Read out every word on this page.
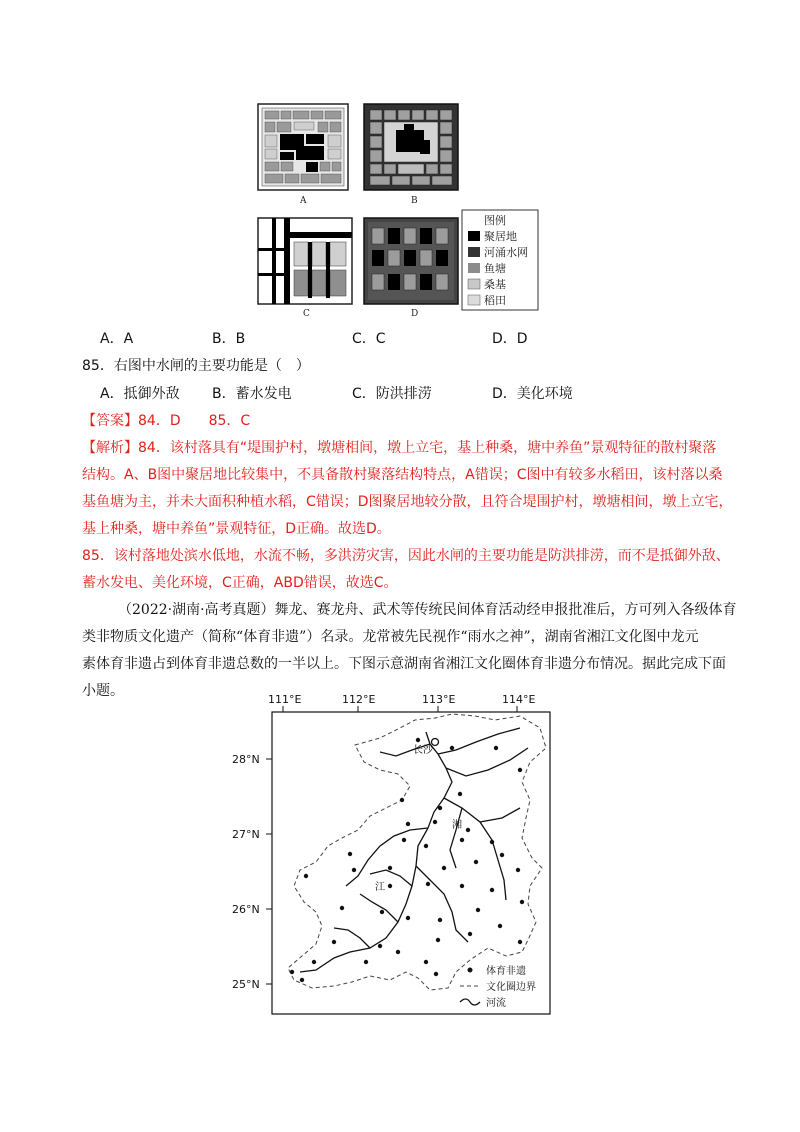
图例
聚居地
河涌水网
鱼塘
桑基
稻田
A	B
C	D
A．A	B．B	C．C	D．D
85．右图中水闸的主要功能是（　）
A．抵御外敌 B．蓄水发电	C．防洪排涝	D．美化环境
【答案】84．D　　85．C
【解析】84．该村落具有“堤围护村，墩塘相间，墩上立宅，基上种桑，塘中养鱼”景观特征的散村聚落
结构。A、B图中聚居地比较集中，不具备散村聚落结构特点，A错误；C图中有较多水稻田，该村落以桑
基鱼塘为主，并未大面积种植水稻，C错误；D图聚居地较分散，且符合堤围护村，墩塘相间，墩上立宅，
基上种桑，塘中养鱼”景观特征，D正确。故选D。
85．该村落地处滨水低地，水流不畅，多洪涝灾害，因此水闸的主要功能是防洪排涝，而不是抵御外敌、
蓄水发电、美化环境，C正确，ABD错误，故选C。
（2022·湖南·高考真题）舞龙、赛龙舟、武术等传统民间体育活动经申报批准后，方可列入各级体育
类非物质文化遗产（简称“体育非遗”）名录。龙常被先民视作“雨水之神”，湖南省湘江文化图中龙元
素体育非遗占到体育非遗总数的一半以上。下图示意湖南省湘江文化圈体育非遗分布情况。据此完成下面
小题。
111°E	112°E	113°E	114°E
28°N
27°N
26°N
25°N
长沙
湘
江
体育非遗
文化圈边界
河流
